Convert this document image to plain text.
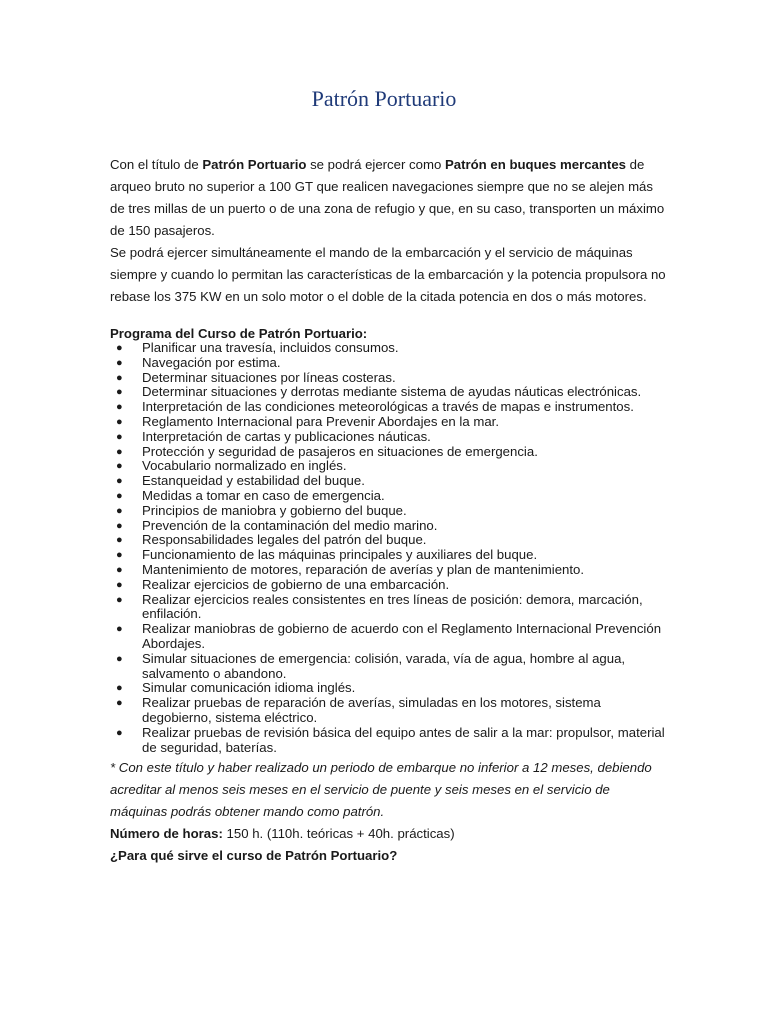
Patrón Portuario

Con el título de Patrón Portuario se podrá ejercer como Patrón en buques mercantes de arqueo bruto no superior a 100 GT que realicen navegaciones siempre que no se alejen más de tres millas de un puerto o de una zona de refugio y que, en su caso, transporten un máximo de 150 pasajeros.

Se podrá ejercer simultáneamente el mando de la embarcación y el servicio de máquinas siempre y cuando lo permitan las características de la embarcación y la potencia propulsora no rebase los 375 KW en un solo motor o el doble de la citada potencia en dos o más motores.

Programa del Curso de Patrón Portuario:

● Planificar una travesía, incluidos consumos.
● Navegación por estima.
● Determinar situaciones por líneas costeras.
● Determinar situaciones y derrotas mediante sistema de ayudas náuticas electrónicas.
● Interpretación de las condiciones meteorológicas a través de mapas e instrumentos.
● Reglamento Internacional para Prevenir Abordajes en la mar.
● Interpretación de cartas y publicaciones náuticas.
● Protección y seguridad de pasajeros en situaciones de emergencia.
● Vocabulario normalizado en inglés.
● Estanqueidad y estabilidad del buque.
● Medidas a tomar en caso de emergencia.
● Principios de maniobra y gobierno del buque.
● Prevención de la contaminación del medio marino.
● Responsabilidades legales del patrón del buque.
● Funcionamiento de las máquinas principales y auxiliares del buque.
● Mantenimiento de motores, reparación de averías y plan de mantenimiento.
● Realizar ejercicios de gobierno de una embarcación.
● Realizar ejercicios reales consistentes en tres líneas de posición: demora, marcación, enfilación.
● Realizar maniobras de gobierno de acuerdo con el Reglamento Internacional Prevención Abordajes.
● Simular situaciones de emergencia: colisión, varada, vía de agua, hombre al agua, salvamento o abandono.
● Simular comunicación idioma inglés.
● Realizar pruebas de reparación de averías, simuladas en los motores, sistema degobierno, sistema eléctrico.
● Realizar pruebas de revisión básica del equipo antes de salir a la mar: propulsor, material de seguridad, baterías.

* Con este título y haber realizado un periodo de embarque no inferior a 12 meses, debiendo acreditar al menos seis meses en el servicio de puente y seis meses en el servicio de máquinas podrás obtener mando como patrón.

Número de horas: 150 h. (110h. teóricas + 40h. prácticas)

¿Para qué sirve el curso de Patrón Portuario?
